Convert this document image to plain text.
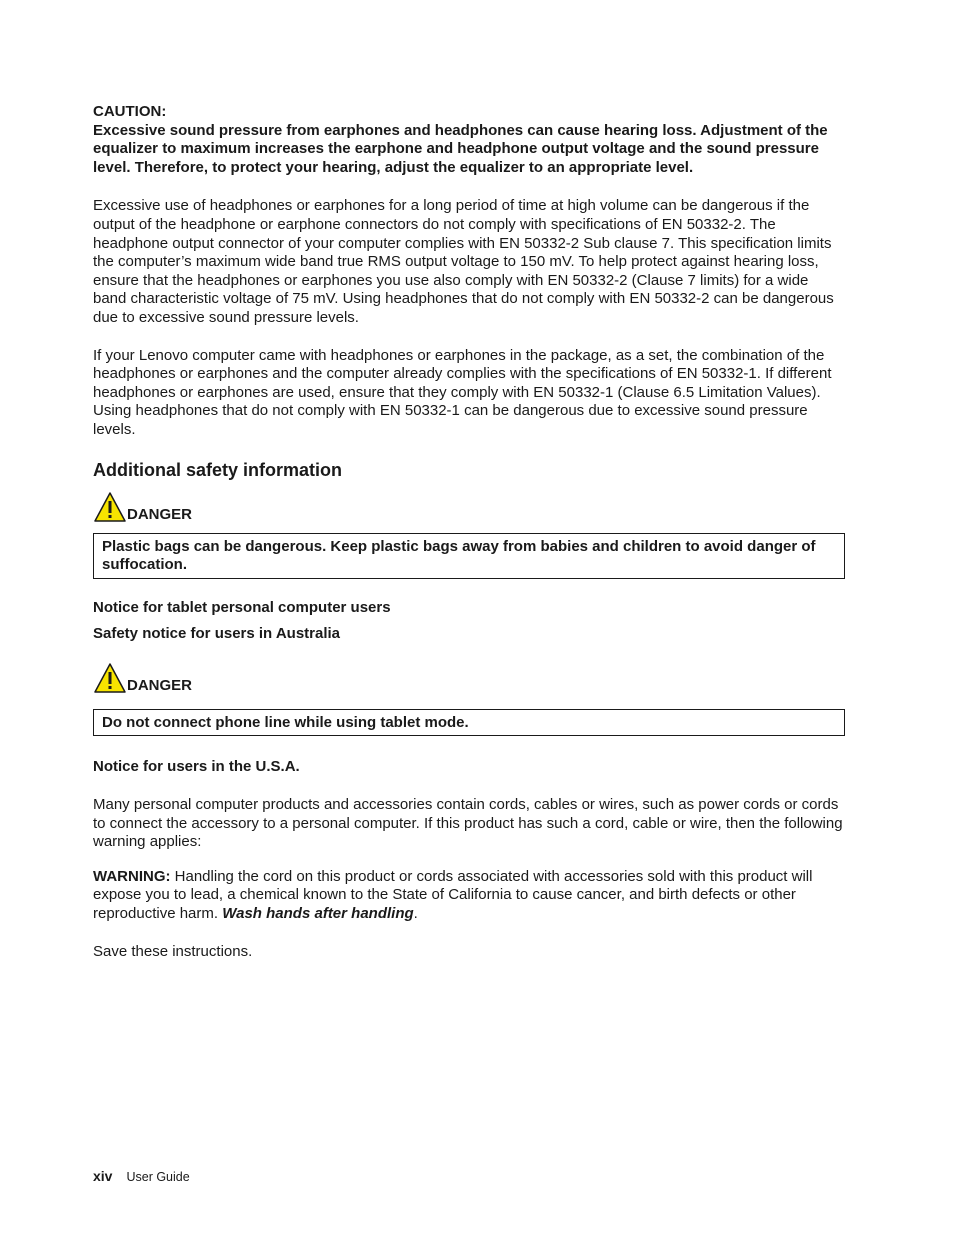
CAUTION:

Excessive sound pressure from earphones and headphones can cause hearing loss. Adjustment of the equalizer to maximum increases the earphone and headphone output voltage and the sound pressure level. Therefore, to protect your hearing, adjust the equalizer to an appropriate level.

Excessive use of headphones or earphones for a long period of time at high volume can be dangerous if the output of the headphone or earphone connectors do not comply with specifications of EN 50332-2. The headphone output connector of your computer complies with EN 50332-2 Sub clause 7. This specification limits the computer’s maximum wide band true RMS output voltage to 150 mV. To help protect against hearing loss, ensure that the headphones or earphones you use also comply with EN 50332-2 (Clause 7 limits) for a wide band characteristic voltage of 75 mV. Using headphones that do not comply with EN 50332-2 can be dangerous due to excessive sound pressure levels.

If your Lenovo computer came with headphones or earphones in the package, as a set, the combination of the headphones or earphones and the computer already complies with the specifications of EN 50332-1. If different headphones or earphones are used, ensure that they comply with EN 50332-1 (Clause 6.5 Limitation Values). Using headphones that do not comply with EN 50332-1 can be dangerous due to excessive sound pressure levels.

Additional safety information
DANGER
Plastic bags can be dangerous. Keep plastic bags away from babies and children to avoid danger of suffocation.

Notice for tablet personal computer users

Safety notice for users in Australia

DANGER
Do not connect phone line while using tablet mode.

Notice for users in the U.S.A.

Many personal computer products and accessories contain cords, cables or wires, such as power cords or cords to connect the accessory to a personal computer. If this product has such a cord, cable or wire, then the following warning applies:

WARNING: Handling the cord on this product or cords associated with accessories sold with this product will expose you to lead, a chemical known to the State of California to cause cancer, and birth defects or other reproductive harm. Wash hands after handling.

Save these instructions.

xiv User Guide
